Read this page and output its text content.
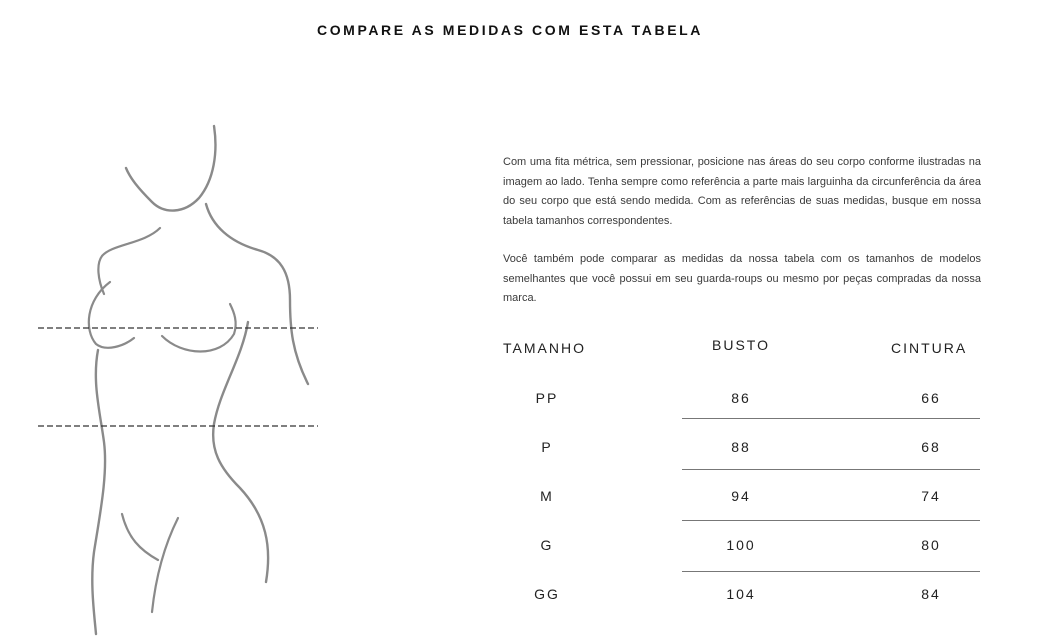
COMPARE AS MEDIDAS COM ESTA TABELA

Com uma fita métrica, sem pressionar, posicione nas áreas do seu corpo conforme ilustradas na imagem ao lado. Tenha sempre como referência a parte mais larguinha da circunferência da área do seu corpo que está sendo medida. Com as referências de suas medidas, busque em nossa tabela tamanhos correspondentes.

Você também pode comparar as medidas da nossa tabela com os tamanhos de modelos semelhantes que você possui em seu guarda-roups ou mesmo por peças compradas da nossa marca.

TAMANHO	BUSTO	CINTURA
PP	86	66
P	88	68
M	94	74
G	100	80
GG	104	84
